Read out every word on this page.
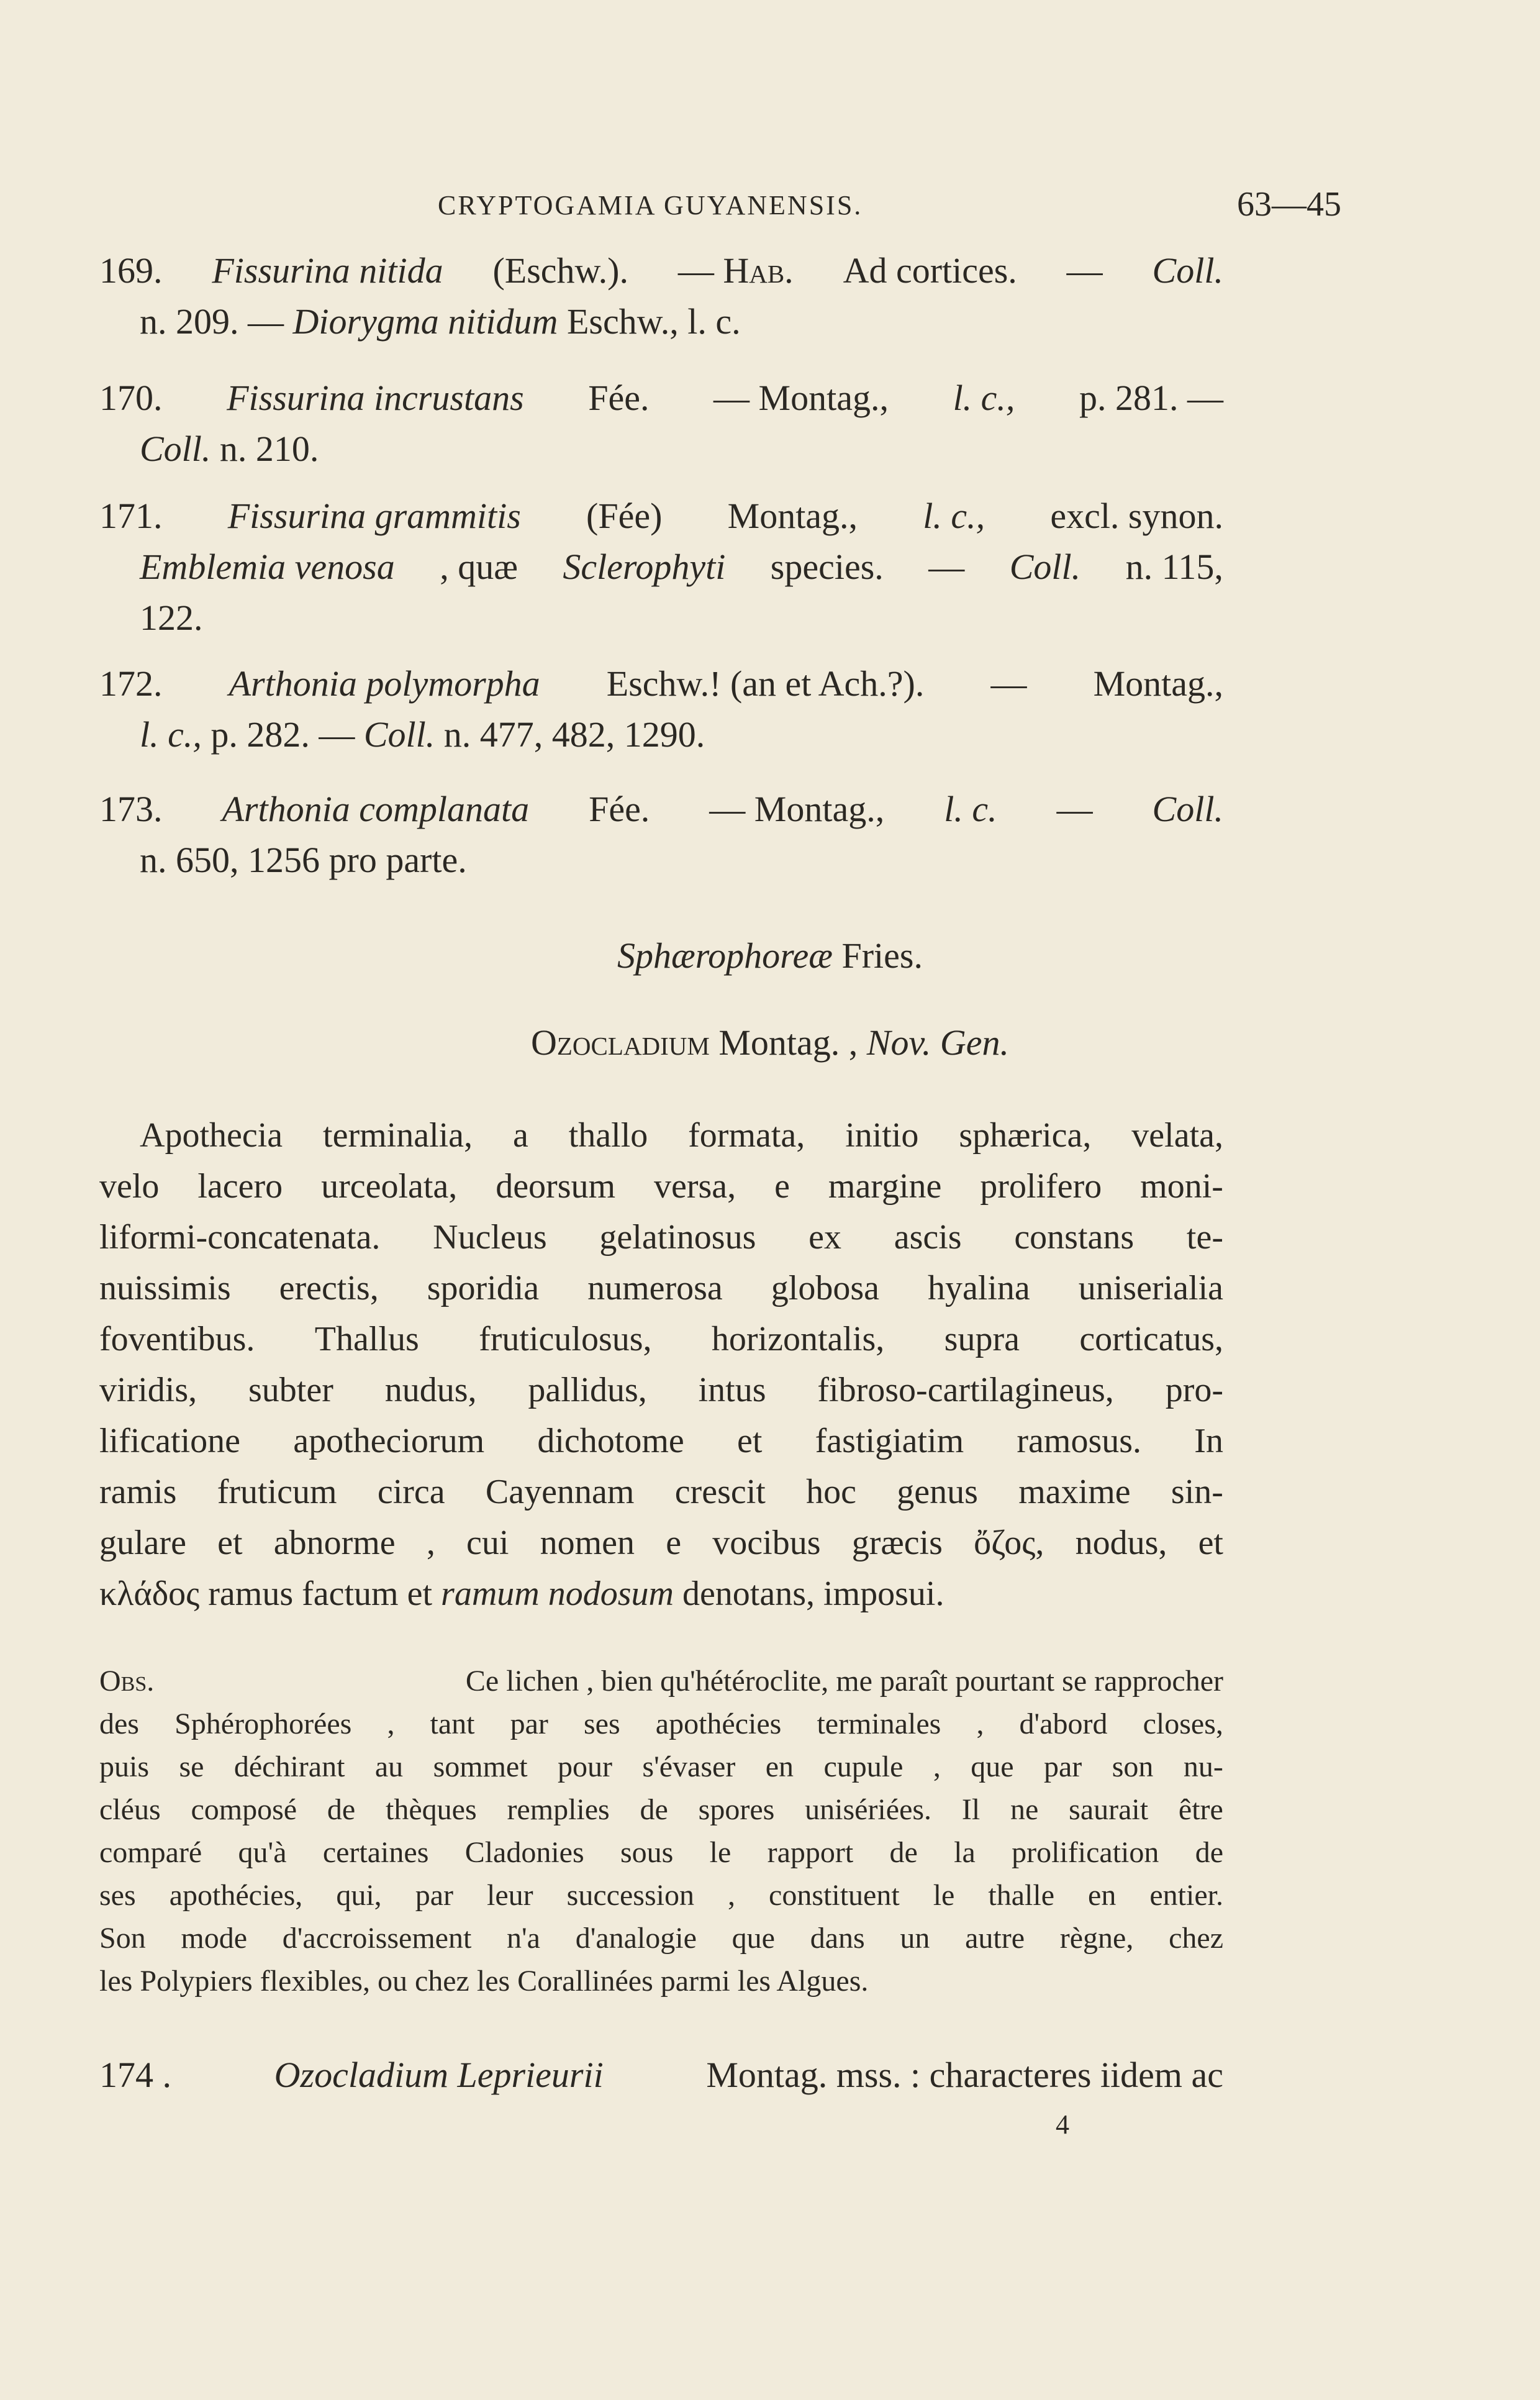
CRYPTOGAMIA GUYANENSIS.	63—45
169. Fissurina nitida (Eschw.). — Hab. Ad cortices. — Coll.
n. 209.
—
Diorygma nitidum
Eschw., l. c.
170. Fissurina incrustans Fée. — Montag., l. c., p. 281. —
Coll.
n. 210.
171. Fissurina grammitis (Fée) Montag., l. c., excl. synon.
Emblemia venosa , quæ Sclerophyti species. — Coll. n. 115,
122.
172. Arthonia polymorpha Eschw.! (an et Ach.?). — Montag.,
l. c.,
p. 282. —
Coll.
n. 477, 482, 1290.
173. Arthonia complanata Fée. — Montag., l. c. — Coll.
n. 650, 1256 pro parte.
Sphærophoreæ Fries.
Ozocladium Montag. , Nov. Gen.
Apothecia terminalia, a thallo formata, initio sphærica, velata,
velo lacero urceolata, deorsum versa, e margine prolifero moni-
liformi-concatenata. Nucleus gelatinosus ex ascis constans te-
nuissimis erectis, sporidia numerosa globosa hyalina uniserialia
foventibus. Thallus fruticulosus, horizontalis, supra corticatus,
viridis, subter nudus, pallidus, intus fibroso-cartilagineus, pro-
lificatione apotheciorum dichotome et fastigiatim ramosus. In
ramis fruticum circa Cayennam crescit hoc genus maxime sin-
gulare et abnorme , cui nomen e vocibus græcis ὄζος, nodus, et
κλάδος ramus factum et ramum nodosum denotans, imposui.
Obs.
	Ce lichen , bien qu'hétéroclite, me paraît pourtant se rapprocher
des Sphérophorées , tant par ses apothécies terminales , d'abord closes,
puis se déchirant au sommet pour s'évaser en cupule , que par son nu-
cléus composé de thèques remplies de spores unisériées. Il ne saurait être
comparé qu'à certaines Cladonies sous le rapport de la prolification de
ses apothécies, qui, par leur succession , constituent le thalle en entier.
Son mode d'accroissement n'a d'analogie que dans un autre règne, chez
les Polypiers flexibles, ou chez les Corallinées parmi les Algues.
174 .	Ozocladium Leprieurii	Montag. mss. : characteres iidem ac
4
